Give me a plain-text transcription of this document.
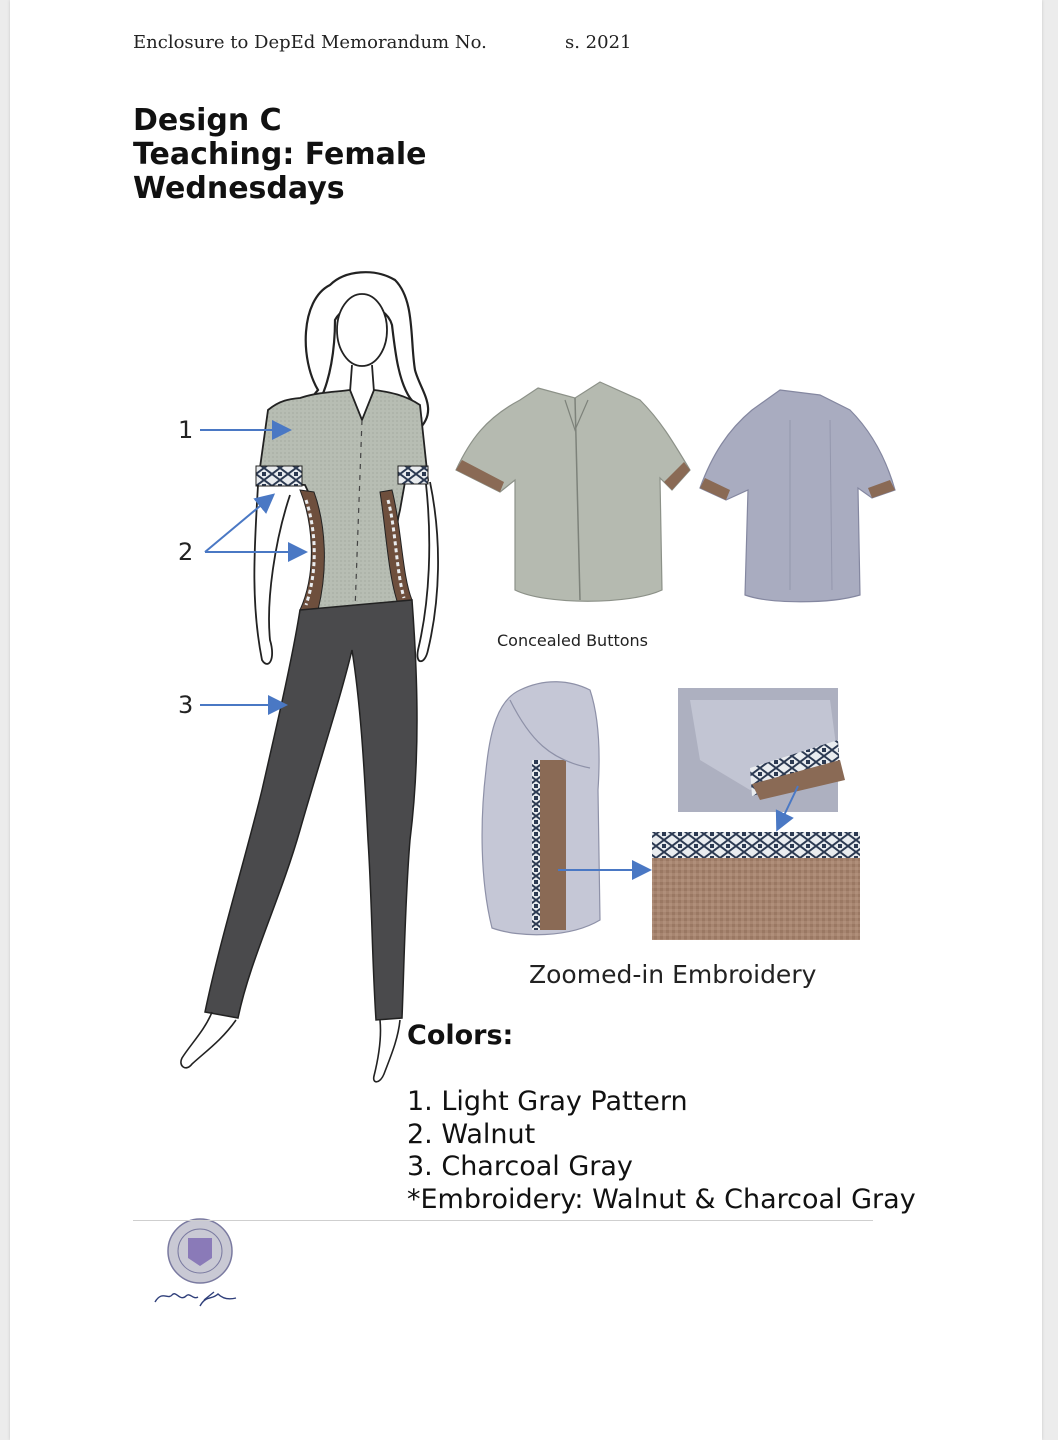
Enclosure to DepEd Memorandum No.	s. 2021
Design C
Teaching: Female
Wednesdays
1
2
3
Concealed Buttons
Zoomed-in Embroidery
Colors:
1. Light Gray Pattern
2. Walnut
3. Charcoal Gray
*Embroidery: Walnut & Charcoal Gray
